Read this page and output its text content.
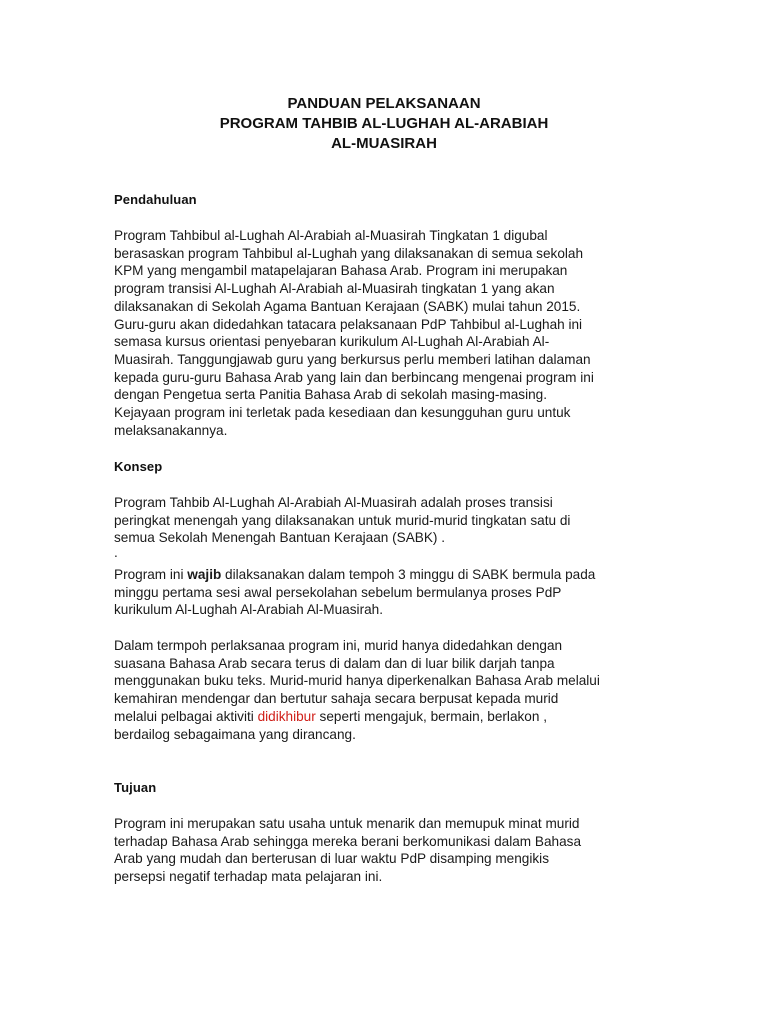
PANDUAN PELAKSANAAN

PROGRAM TAHBIB AL-LUGHAH AL-ARABIAH

AL-MUASIRAH

Pendahuluan

Program Tahbibul al-Lughah Al-Arabiah al-Muasirah Tingkatan 1 digubal
berasaskan program Tahbibul al-Lughah yang dilaksanakan di semua sekolah
KPM yang mengambil matapelajaran Bahasa Arab. Program ini merupakan
program transisi Al-Lughah Al-Arabiah al-Muasirah tingkatan 1 yang akan
dilaksanakan di Sekolah Agama Bantuan Kerajaan (SABK) mulai tahun 2015.
Guru-guru akan didedahkan tatacara pelaksanaan PdP Tahbibul al-Lughah ini
semasa kursus orientasi penyebaran kurikulum Al-Lughah Al-Arabiah Al-
Muasirah. Tanggungjawab guru yang berkursus perlu memberi latihan dalaman
kepada guru-guru Bahasa Arab yang lain dan berbincang mengenai program ini
dengan Pengetua serta Panitia Bahasa Arab di sekolah masing-masing.
Kejayaan program ini terletak pada kesediaan dan kesungguhan guru untuk
melaksanakannya.

Konsep

Program Tahbib Al-Lughah Al-Arabiah Al-Muasirah adalah proses transisi
peringkat menengah yang dilaksanakan untuk murid-murid tingkatan satu di
semua Sekolah Menengah Bantuan Kerajaan (SABK) .
.
Program ini wajib dilaksanakan dalam tempoh 3 minggu di SABK bermula pada
minggu pertama sesi awal persekolahan sebelum bermulanya proses PdP
kurikulum Al-Lughah Al-Arabiah Al-Muasirah.
Dalam termpoh perlaksanaa program ini, murid hanya didedahkan dengan
suasana Bahasa Arab secara terus di dalam dan di luar bilik darjah tanpa
menggunakan buku teks. Murid-murid hanya diperkenalkan Bahasa Arab melalui
kemahiran mendengar dan bertutur sahaja secara berpusat kepada murid
melalui pelbagai aktiviti didikhibur seperti mengajuk, bermain, berlakon ,
berdailog sebagaimana yang dirancang.

Tujuan

Program ini merupakan satu usaha untuk menarik dan memupuk minat murid
terhadap Bahasa Arab sehingga mereka berani berkomunikasi dalam Bahasa
Arab yang mudah dan berterusan di luar waktu PdP disamping mengikis
persepsi negatif terhadap mata pelajaran ini.
